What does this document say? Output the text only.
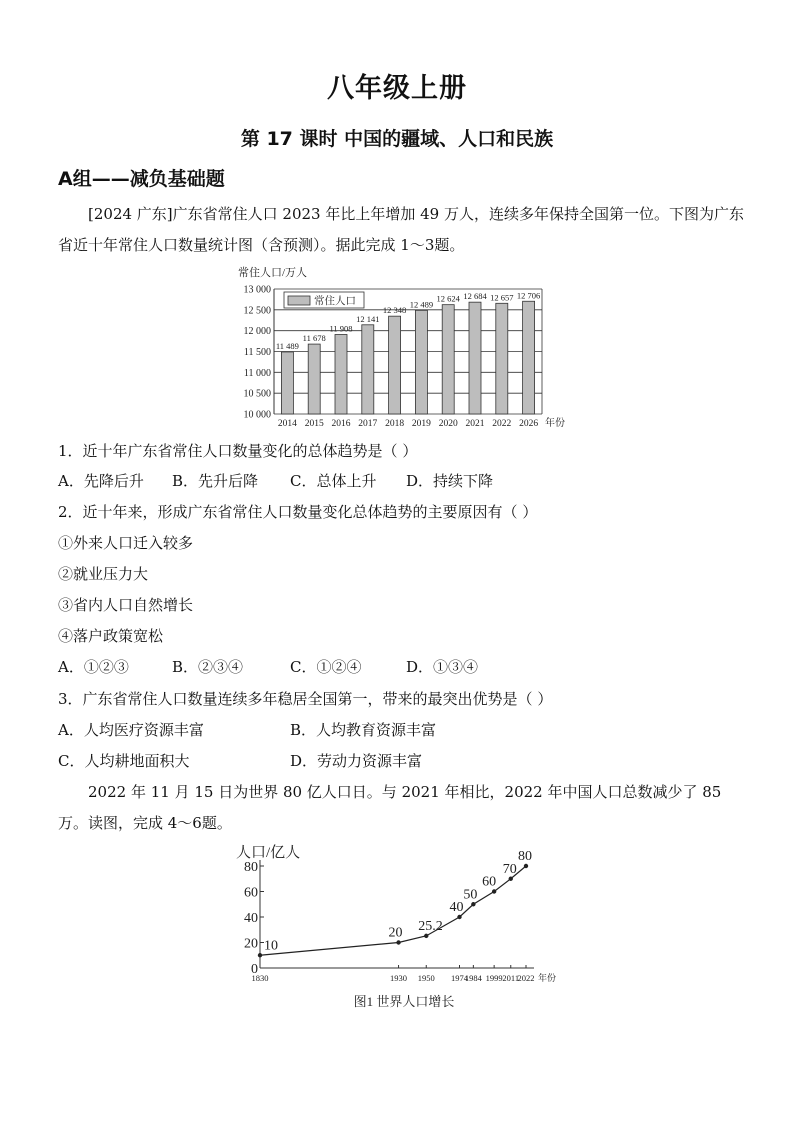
八年级上册
第 17 课时 中国的疆域、人口和民族
A组——减负基础题
[2024 广东]广东省常住人口 2023 年比上年增加 49 万人，连续多年保持全国第一位。下图为广东省近十年常住人口数量统计图（含预测）。据此完成 1～3题。
常住人口/万人
10 000
10 500
11 000
11 500
12 000
12 500
13 000
11 489
2014
11 678
2015
11 908
2016
12 141
2017
12 348
2018
12 489
2019
12 624
2020
12 684
2021
12 657
2022
12 706
2026 年份
常住人口
1．近十年广东省常住人口数量变化的总体趋势是（ ）
A．先降后升 B．先升后降 C．总体上升 D．持续下降
2．近十年来，形成广东省常住人口数量变化总体趋势的主要原因有（ ）
①外来人口迁入较多
②就业压力大
③省内人口自然增长
④落户政策宽松
A．①②③	B．②③④	C．①②④	D．①③④
3．广东省常住人口数量连续多年稳居全国第一，带来的最突出优势是（ ）
A．人均医疗资源丰富	B．人均教育资源丰富
C．人均耕地面积大	D．劳动力资源丰富
2022 年 11 月 15 日为世界 80 亿人口日。与 2021 年相比，2022 年中国人口总数减少了 85万。读图，完成 4～6题。
人口/亿人
0
20
40
60
80
1830	1930 1950 1974
1984 1999 2011
2022 年份
10
20 25.2
40
50
60
70
80
图1 世界人口增长
